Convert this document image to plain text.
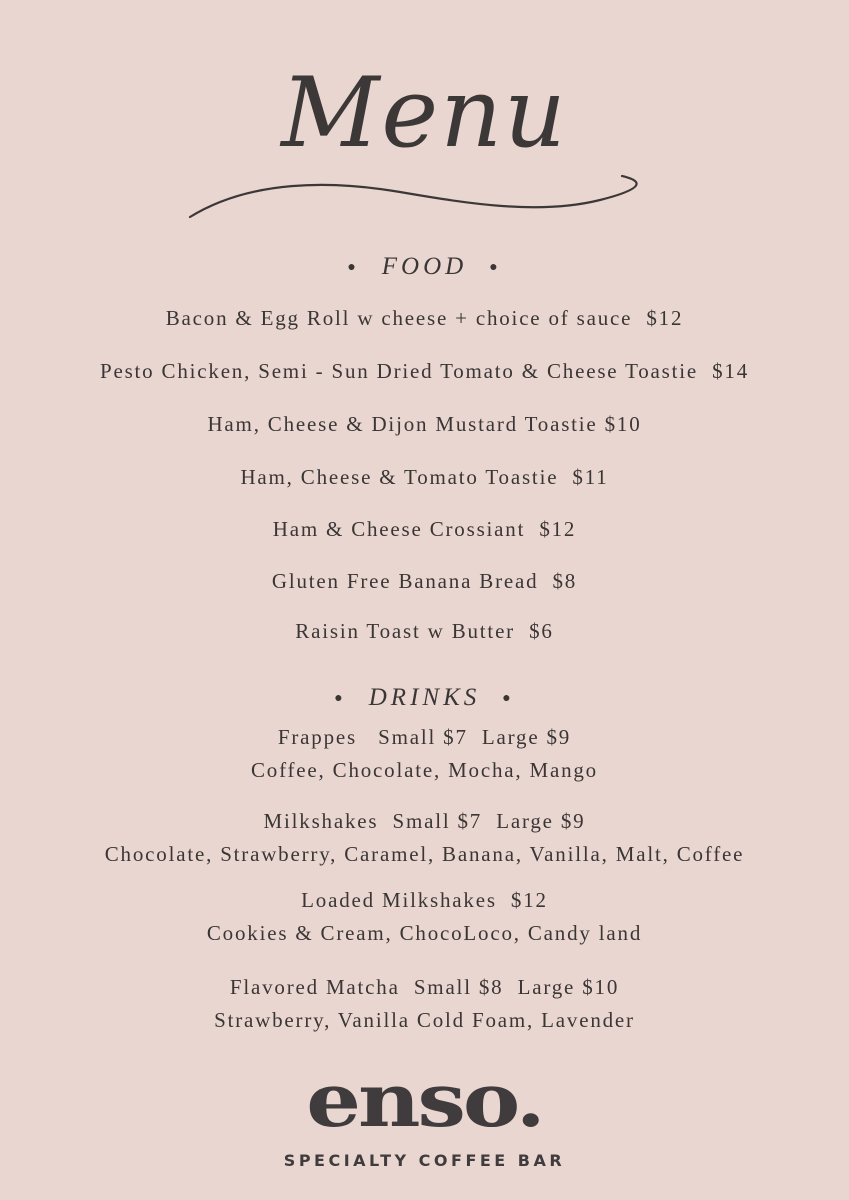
Menu
● FOOD ●
Bacon & Egg Roll w cheese + choice of sauce  $12
Pesto Chicken, Semi - Sun Dried Tomato & Cheese Toastie  $14
Ham, Cheese & Dijon Mustard Toastie $10
Ham, Cheese & Tomato Toastie  $11
Ham & Cheese Crossiant  $12
Gluten Free Banana Bread  $8
Raisin Toast w Butter  $6
● DRINKS ●
Frappes   Small $7  Large $9
Coffee, Chocolate, Mocha, Mango
Milkshakes  Small $7  Large $9
Chocolate, Strawberry, Caramel, Banana, Vanilla, Malt, Coffee
Loaded Milkshakes  $12
Cookies & Cream, ChocoLoco, Candy land
Flavored Matcha  Small $8  Large $10
Strawberry, Vanilla Cold Foam, Lavender
enso.
SPECIALTY COFFEE BAR
